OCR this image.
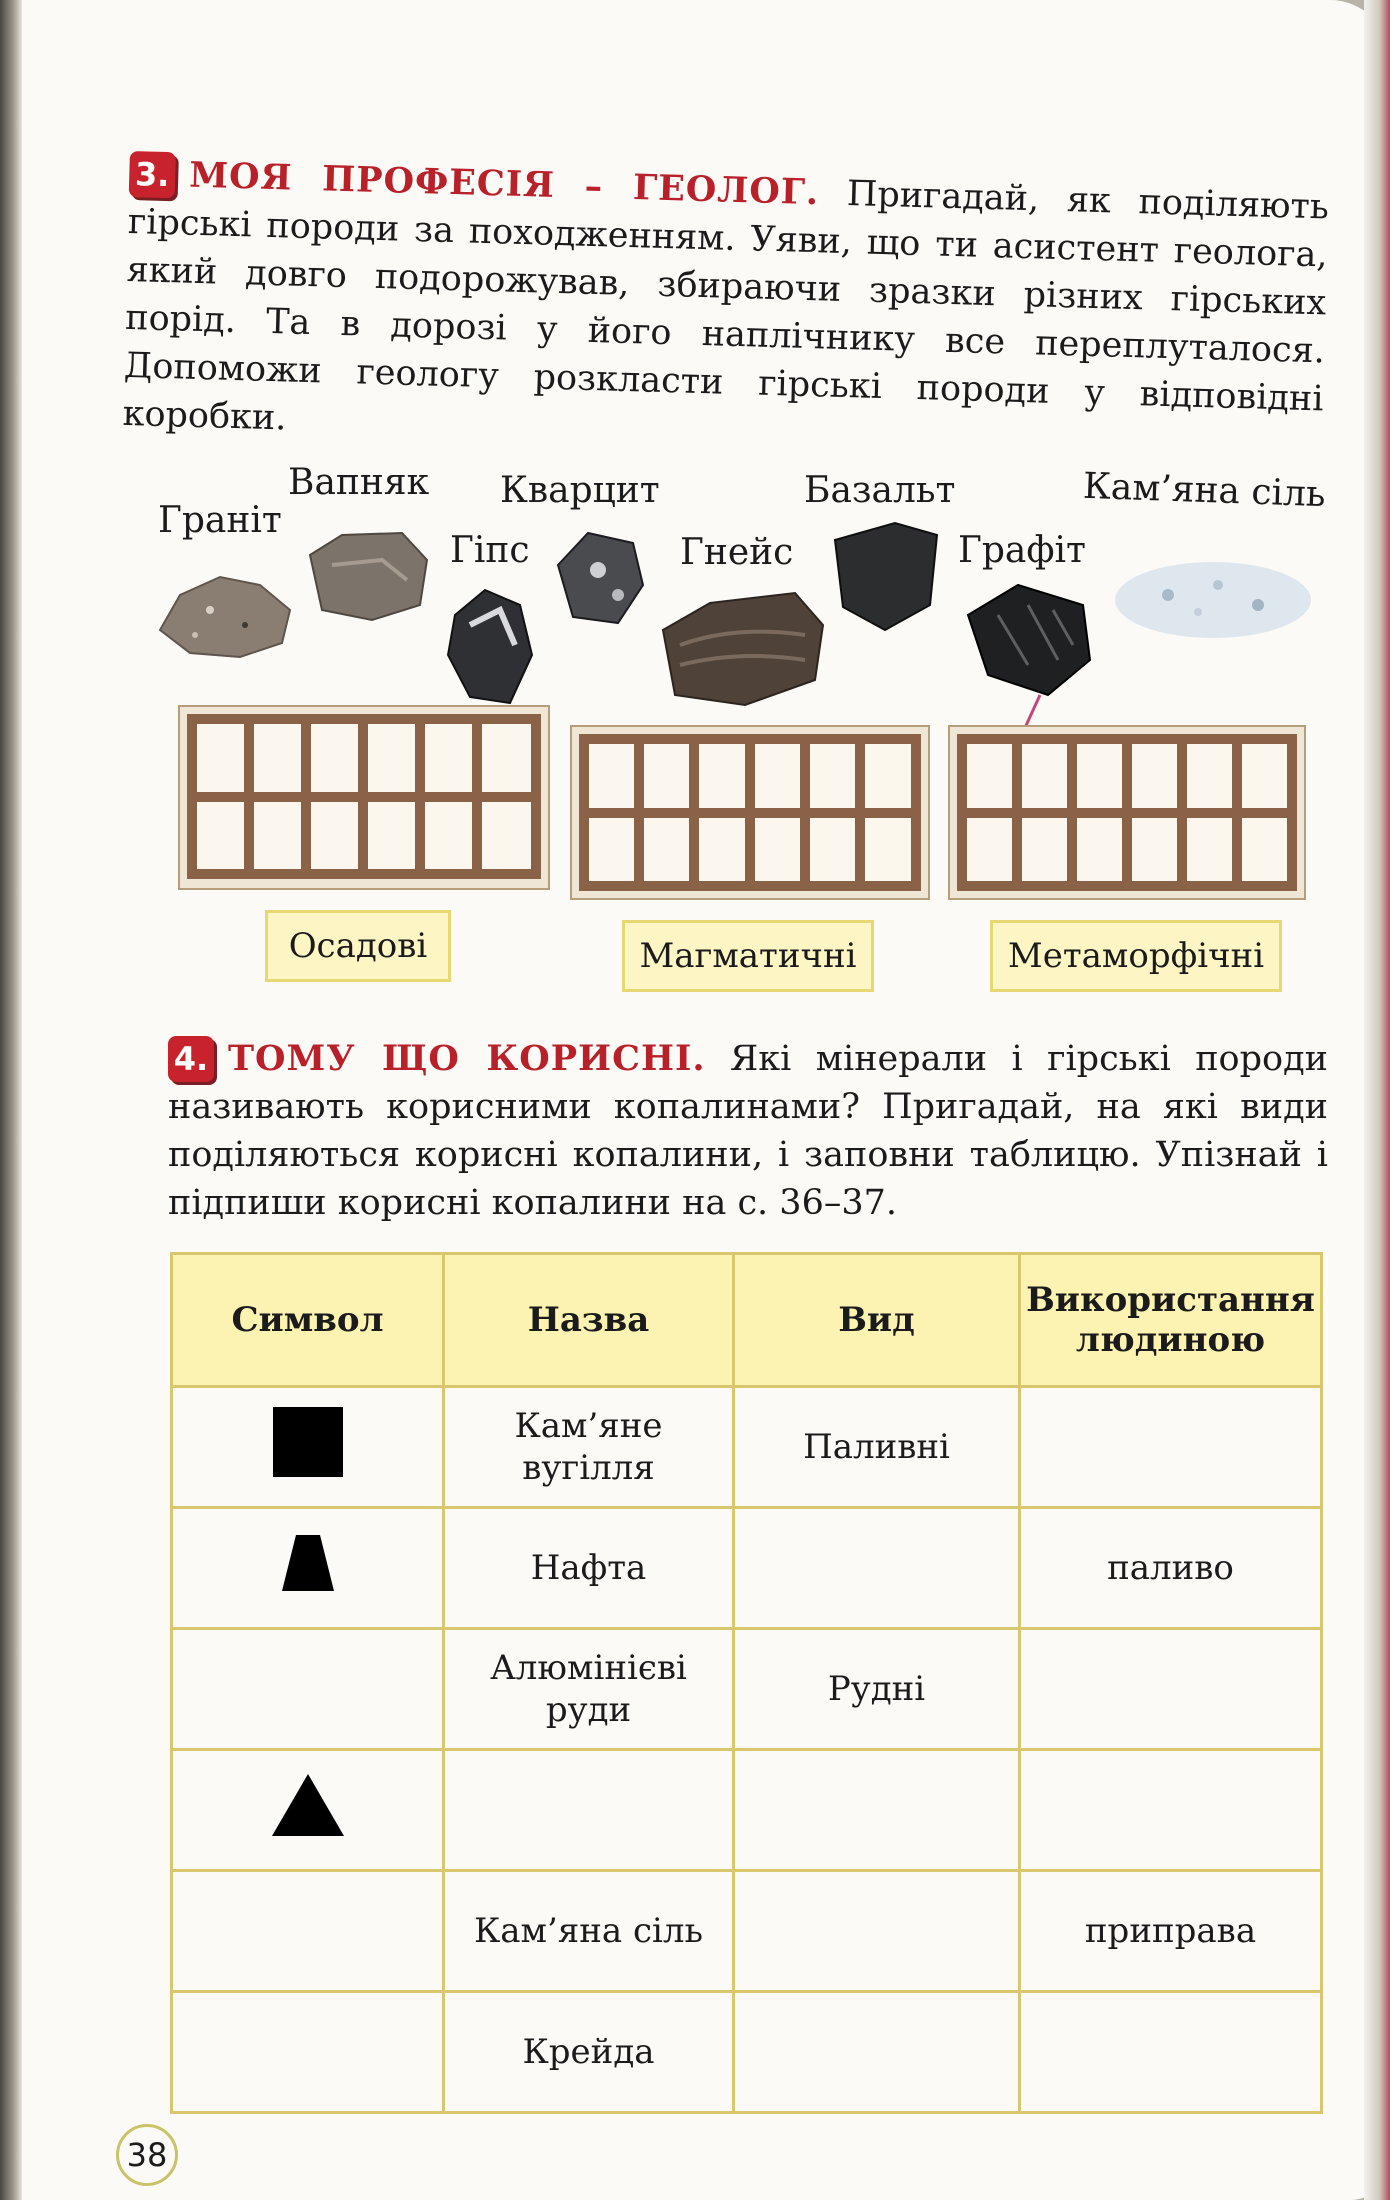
3. МОЯ ПРОФЕСІЯ – ГЕОЛОГ. Пригадай, як поділяють гірські породи за походженням. Уяви, що ти асистент геолога, який довго подорожував, збираючи зразки різних гірських порід. Та в дорозі у його наплічнику все переплуталося. Допоможи геологу розкласти гірські породи у відповідні коробки.
Граніт
Вапняк
Гіпс
Кварцит
Гнейс
Базальт
Графіт
Кам’яна сіль
Осадові	Магматичні	Метаморфічні
4. ТОМУ ЩО КОРИСНІ. Які мінерали і гірські породи називають корисними копалинами? Пригадай, на які види поділяються корисні копалини, і заповни таблицю. Упізнай і підпиши корисні копалини на с. 36–37.
Символ	Назва	Вид	Використання людиною
	Кам’яне вугілля	Паливні	
	Нафта		паливо
	Алюмінієві руди	Рудні	

	Кам’яна сіль		приправа
	Крейда		
38
